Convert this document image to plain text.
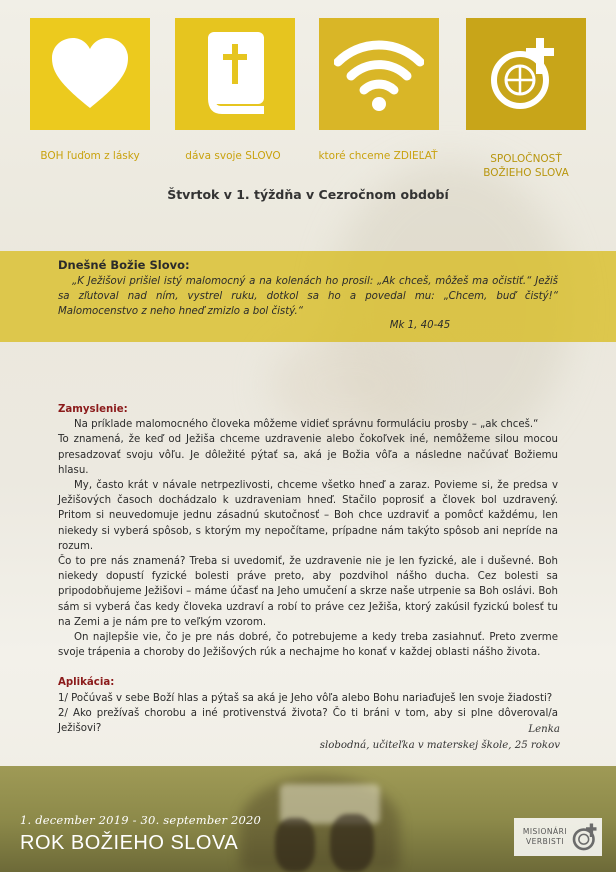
BOH ľuďom z lásky	dáva svoje SLOVO	ktoré chceme ZDIEĽAŤ	SPOLOČNOSŤ
BOŽIEHO SLOVA
Štvrtok v 1. týždňa v Cezročnom období
Dnešné Božie Slovo:
„K Ježišovi prišiel istý malomocný a na kolenách ho prosil: „Ak chceš, môžeš ma očistiť.“ Ježiš sa zľutoval nad ním, vystrel ruku, dotkol sa ho a povedal mu: „Chcem, buď čistý!“ Malomocenstvo z neho hneď zmizlo a bol čistý.“
Mk 1, 40-45
Zamyslenie:

Na príklade malomocného človeka môžeme vidieť správnu formuláciu prosby – „ak chceš.“

To znamená, že keď od Ježiša chceme uzdravenie alebo čokoľvek iné, nemôžeme silou mocou presadzovať svoju vôľu. Je dôležité pýtať sa, aká je Božia vôľa a následne načúvať Božiemu hlasu.

My, často krát v návale netrpezlivosti, chceme všetko hneď a zaraz. Povieme si, že predsa v Ježišových časoch dochádzalo k uzdraveniam hneď. Stačilo poprosiť a človek bol uzdravený. Pritom si neuvedomuje jednu zásadnú skutočnosť – Boh chce uzdraviť a pomôcť každému, len niekedy si vyberá spôsob, s ktorým my nepočítame, prípadne nám takýto spôsob ani nepríde na rozum.

Čo to pre nás znamená? Treba si uvedomiť, že uzdravenie nie je len fyzické, ale i duševné. Boh niekedy dopustí fyzické bolesti práve preto, aby pozdvihol nášho ducha. Cez bolesti sa pripodobňujeme Ježišovi – máme účasť na Jeho umučení a skrze naše utrpenie sa Boh oslávi. Boh sám si vyberá čas kedy človeka uzdraví a robí to práve cez Ježiša, ktorý zakúsil fyzickú bolesť tu na Zemi a je nám pre to veľkým vzorom.

On najlepšie vie, čo je pre nás dobré, čo potrebujeme a kedy treba zasiahnuť. Preto zverme svoje trápenia a choroby do Ježišových rúk a nechajme ho konať v každej oblasti nášho života.

Aplikácia:

1/ Počúvaš v sebe Boží hlas a pýtaš sa aká je Jeho vôľa alebo Bohu nariaďuješ len svoje žiadosti?

2/ Ako prežívaš chorobu a iné protivenstvá života? Čo ti bráni v tom, aby si plne dôveroval/a Ježišovi?	Lenka
slobodná, učiteľka v materskej škole, 25 rokov
1. december 2019 - 30. september 2020
ROK BOŽIEHO SLOVA
MISIONÁRI
VERBISTI
